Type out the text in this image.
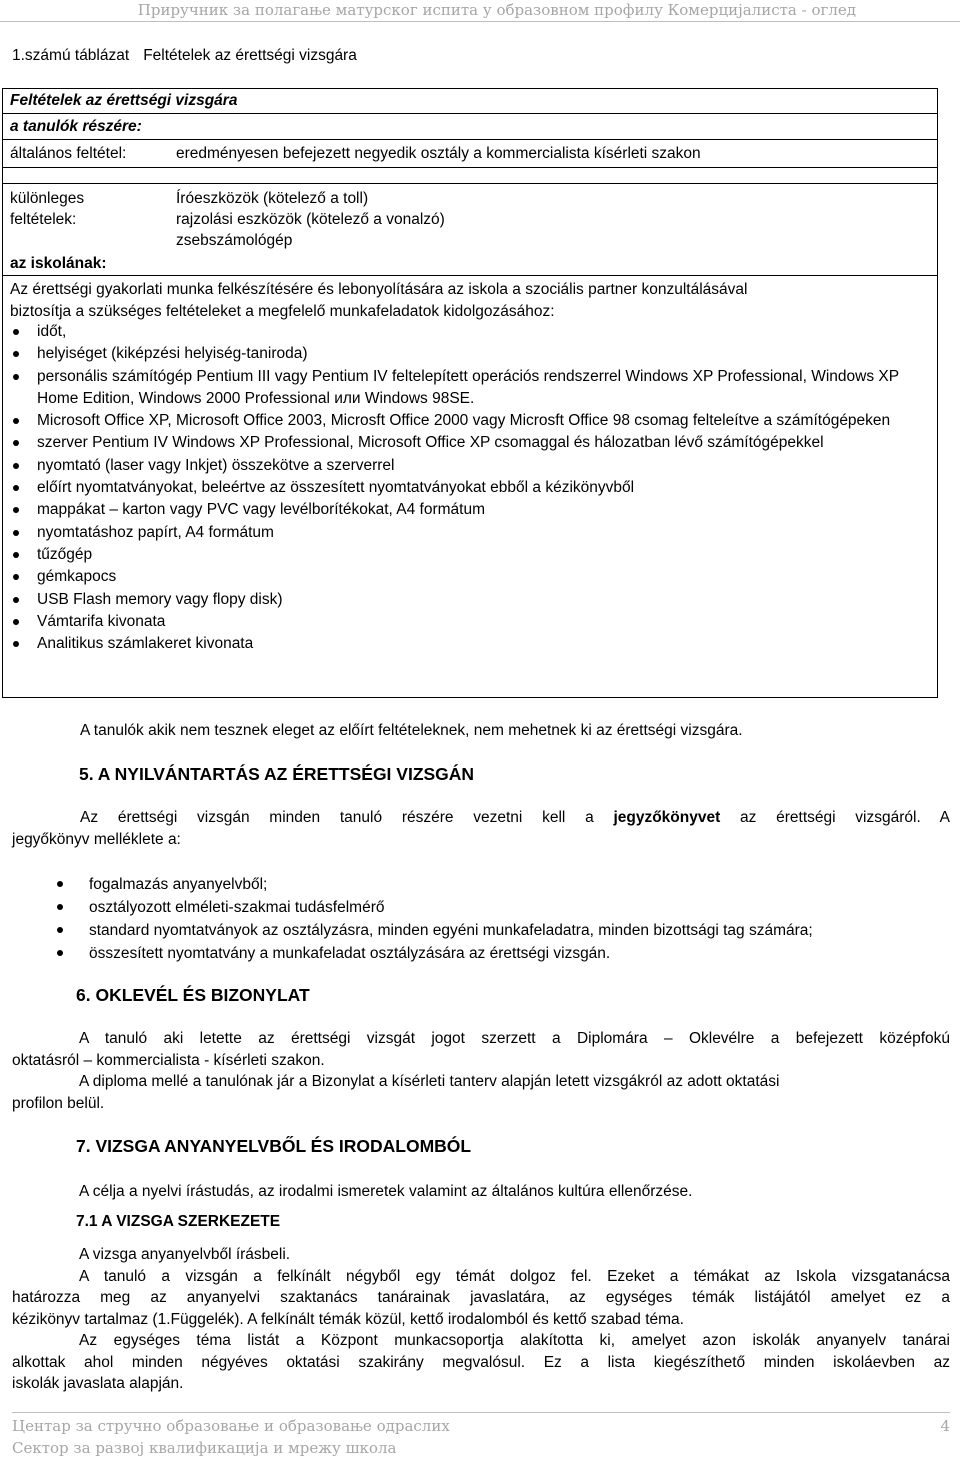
Приручник за полагање матурског испита у образовном профилу Комерцијалиста - оглед
1.számú táblázat Feltételek az érettségi vizsgára
Feltételek az érettségi vizsgára
a tanulók részére:
általános feltétel:	eredményesen befejezett negyedik osztály a kommercialista kísérleti szakon
különleges
feltételek:
Íróeszközök (kötelező a toll)
rajzolási eszközök (kötelező a vonalzó)
zsebszámológép
az iskolának:
Az érettségi gyakorlati munka felkészítésére és lebonyolítására az iskola a szociális partner konzultálásával
biztosítja a szükséges feltételeket a megfelelő munkafeladatok kidolgozásához:
időt,
helyiséget (kiképzési helyiség-taniroda)
personális számítógép Pentium III vagy Pentium IV feltelepített operációs rendszerrel Windows XP Professional, Windows XP Home Edition, Windows 2000 Professional или Windows 98SE.
Microsoft Office XP, Microsoft Office 2003, Microsft Office 2000 vagy Microsft Office 98 csomag felteleítve a számítógépeken
szerver Pentium IV Windows XP Professional, Microsoft Office XP csomaggal és hálozatban lévő számítógépekkel
nyomtató (laser vagy Inkjet) összekötve a szerverrel
előírt nyomtatványokat, beleértve az összesített nyomtatványokat ebből a kézikönyvből
mappákat – karton vagy PVC vagy levélborítékokat, A4 formátum
nyomtatáshoz papírt, A4 formátum
tűzőgép
gémkapocs
USB Flash memory vagy flopy disk)
Vámtarifa kivonata
Analitikus számlakeret kivonata
A tanulók akik nem tesznek eleget az előírt feltételeknek, nem mehetnek ki az érettségi vizsgára.
5. A NYILVÁNTARTÁS AZ ÉRETTSÉGI VIZSGÁN
Az érettségi vizsgán minden tanuló részére vezetni kell a jegyzőkönyvet az érettségi vizsgáról. A
jegyőkönyv melléklete a:
fogalmazás anyanyelvből;
osztályozott elméleti-szakmai tudásfelmérő
standard nyomtatványok az osztályzásra, minden egyéni munkafeladatra, minden bizottsági tag számára;
összesített nyomtatvány a munkafeladat osztályzására az érettségi vizsgán.
6. OKLEVÉL ÉS BIZONYLAT
A tanuló aki letette az érettségi vizsgát jogot szerzett a Diplomára – Oklevélre a befejezett középfokú
oktatásról – kommercialista - kísérleti szakon.
A diploma mellé a tanulónak jár a Bizonylat a kísérleti tanterv alapján letett vizsgákról az adott oktatási
profilon belül.
7. VIZSGA ANYANYELVBŐL ÉS IRODALOMBÓL
A célja a nyelvi írástudás, az irodalmi ismeretek valamint az általános kultúra ellenőrzése.
7.1 A VIZSGA SZERKEZETE
A vizsga anyanyelvből írásbeli.
A tanuló a vizsgán a felkínált négyből egy témát dolgoz fel. Ezeket a témákat az Iskola vizsgatanácsa
határozza meg az anyanyelvi szaktanács tanárainak javaslatára, az egységes témák listájától amelyet ez a
kézikönyv tartalmaz (1.Függelék). A felkínált témák közül, kettő irodalomból és kettő szabad téma.
Az egységes téma listát a Központ munkacsoportja alakította ki, amelyet azon iskolák anyanyelv tanárai
alkottak ahol minden négyéves oktatási szakirány megvalósul. Ez a lista kiegészíthető minden iskoláevben az
iskolák javaslata alapján.
Центар за стручно образовање и образовање одраслих
Сектор за развој квалификација и мрежу школа
4
